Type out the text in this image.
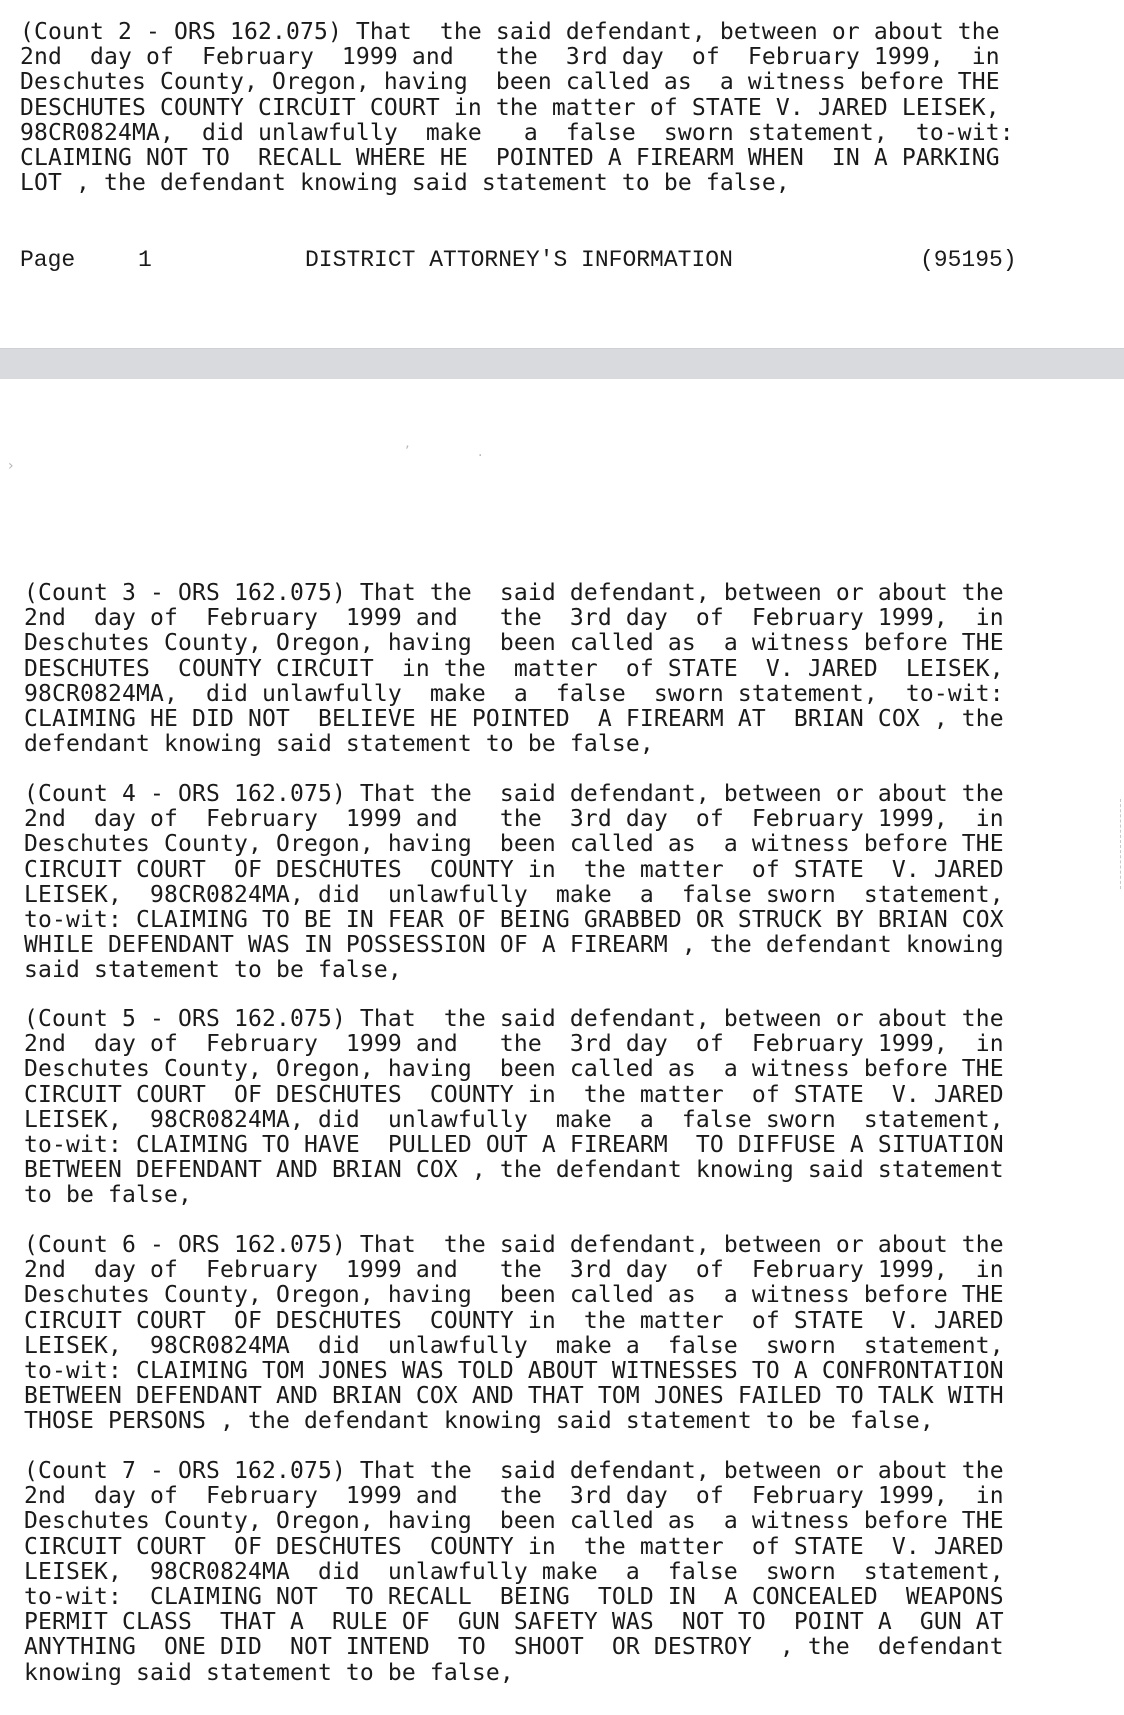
(Count 2 - ORS 162.075) That  the said defendant, between or about the
2nd  day of  February  1999 and   the  3rd day  of  February 1999,  in
Deschutes County, Oregon, having  been called as  a witness before THE
DESCHUTES COUNTY CIRCUIT COURT in the matter of STATE V. JARED LEISEK,
98CR0824MA,  did unlawfully  make   a  false  sworn statement,  to-wit:
CLAIMING NOT TO  RECALL WHERE HE  POINTED A FIREARM WHEN  IN A PARKING
LOT , the defendant knowing said statement to be false,
Page	1	DISTRICT ATTORNEY'S INFORMATION	(95195)
›
’	·
(Count 3 - ORS 162.075) That the  said defendant, between or about the
2nd  day of  February  1999 and   the  3rd day  of  February 1999,  in
Deschutes County, Oregon, having  been called as  a witness before THE
DESCHUTES  COUNTY CIRCUIT  in the  matter  of STATE  V. JARED  LEISEK,
98CR0824MA,  did unlawfully  make  a  false  sworn statement,  to-wit:
CLAIMING HE DID NOT  BELIEVE HE POINTED  A FIREARM AT  BRIAN COX , the
defendant knowing said statement to be false,
(Count 4 - ORS 162.075) That the  said defendant, between or about the
2nd  day of  February  1999 and   the  3rd day  of  February 1999,  in
Deschutes County, Oregon, having  been called as  a witness before THE
CIRCUIT COURT  OF DESCHUTES  COUNTY in  the matter  of STATE  V. JARED
LEISEK,  98CR0824MA, did  unlawfully  make  a  false sworn  statement,
to-wit: CLAIMING TO BE IN FEAR OF BEING GRABBED OR STRUCK BY BRIAN COX
WHILE DEFENDANT WAS IN POSSESSION OF A FIREARM , the defendant knowing
said statement to be false,
(Count 5 - ORS 162.075) That  the said defendant, between or about the
2nd  day of  February  1999 and   the  3rd day  of  February 1999,  in
Deschutes County, Oregon, having  been called as  a witness before THE
CIRCUIT COURT  OF DESCHUTES  COUNTY in  the matter  of STATE  V. JARED
LEISEK,  98CR0824MA, did  unlawfully  make  a  false sworn  statement,
to-wit: CLAIMING TO HAVE  PULLED OUT A FIREARM  TO DIFFUSE A SITUATION
BETWEEN DEFENDANT AND BRIAN COX , the defendant knowing said statement
to be false,
(Count 6 - ORS 162.075) That  the said defendant, between or about the
2nd  day of  February  1999 and   the  3rd day  of  February 1999,  in
Deschutes County, Oregon, having  been called as  a witness before THE
CIRCUIT COURT  OF DESCHUTES  COUNTY in  the matter  of STATE  V. JARED
LEISEK,  98CR0824MA  did  unlawfully  make a  false  sworn  statement,
to-wit: CLAIMING TOM JONES WAS TOLD ABOUT WITNESSES TO A CONFRONTATION
BETWEEN DEFENDANT AND BRIAN COX AND THAT TOM JONES FAILED TO TALK WITH
THOSE PERSONS , the defendant knowing said statement to be false,
(Count 7 - ORS 162.075) That the  said defendant, between or about the
2nd  day of  February  1999 and   the  3rd day  of  February 1999,  in
Deschutes County, Oregon, having  been called as  a witness before THE
CIRCUIT COURT  OF DESCHUTES  COUNTY in  the matter  of STATE  V. JARED
LEISEK,  98CR0824MA  did  unlawfully make  a  false  sworn  statement,
to-wit:  CLAIMING NOT  TO RECALL  BEING  TOLD IN  A CONCEALED  WEAPONS
PERMIT CLASS  THAT A  RULE OF  GUN SAFETY WAS  NOT TO  POINT A  GUN AT
ANYTHING  ONE DID  NOT INTEND  TO  SHOOT  OR DESTROY  , the  defendant
knowing said statement to be false,
